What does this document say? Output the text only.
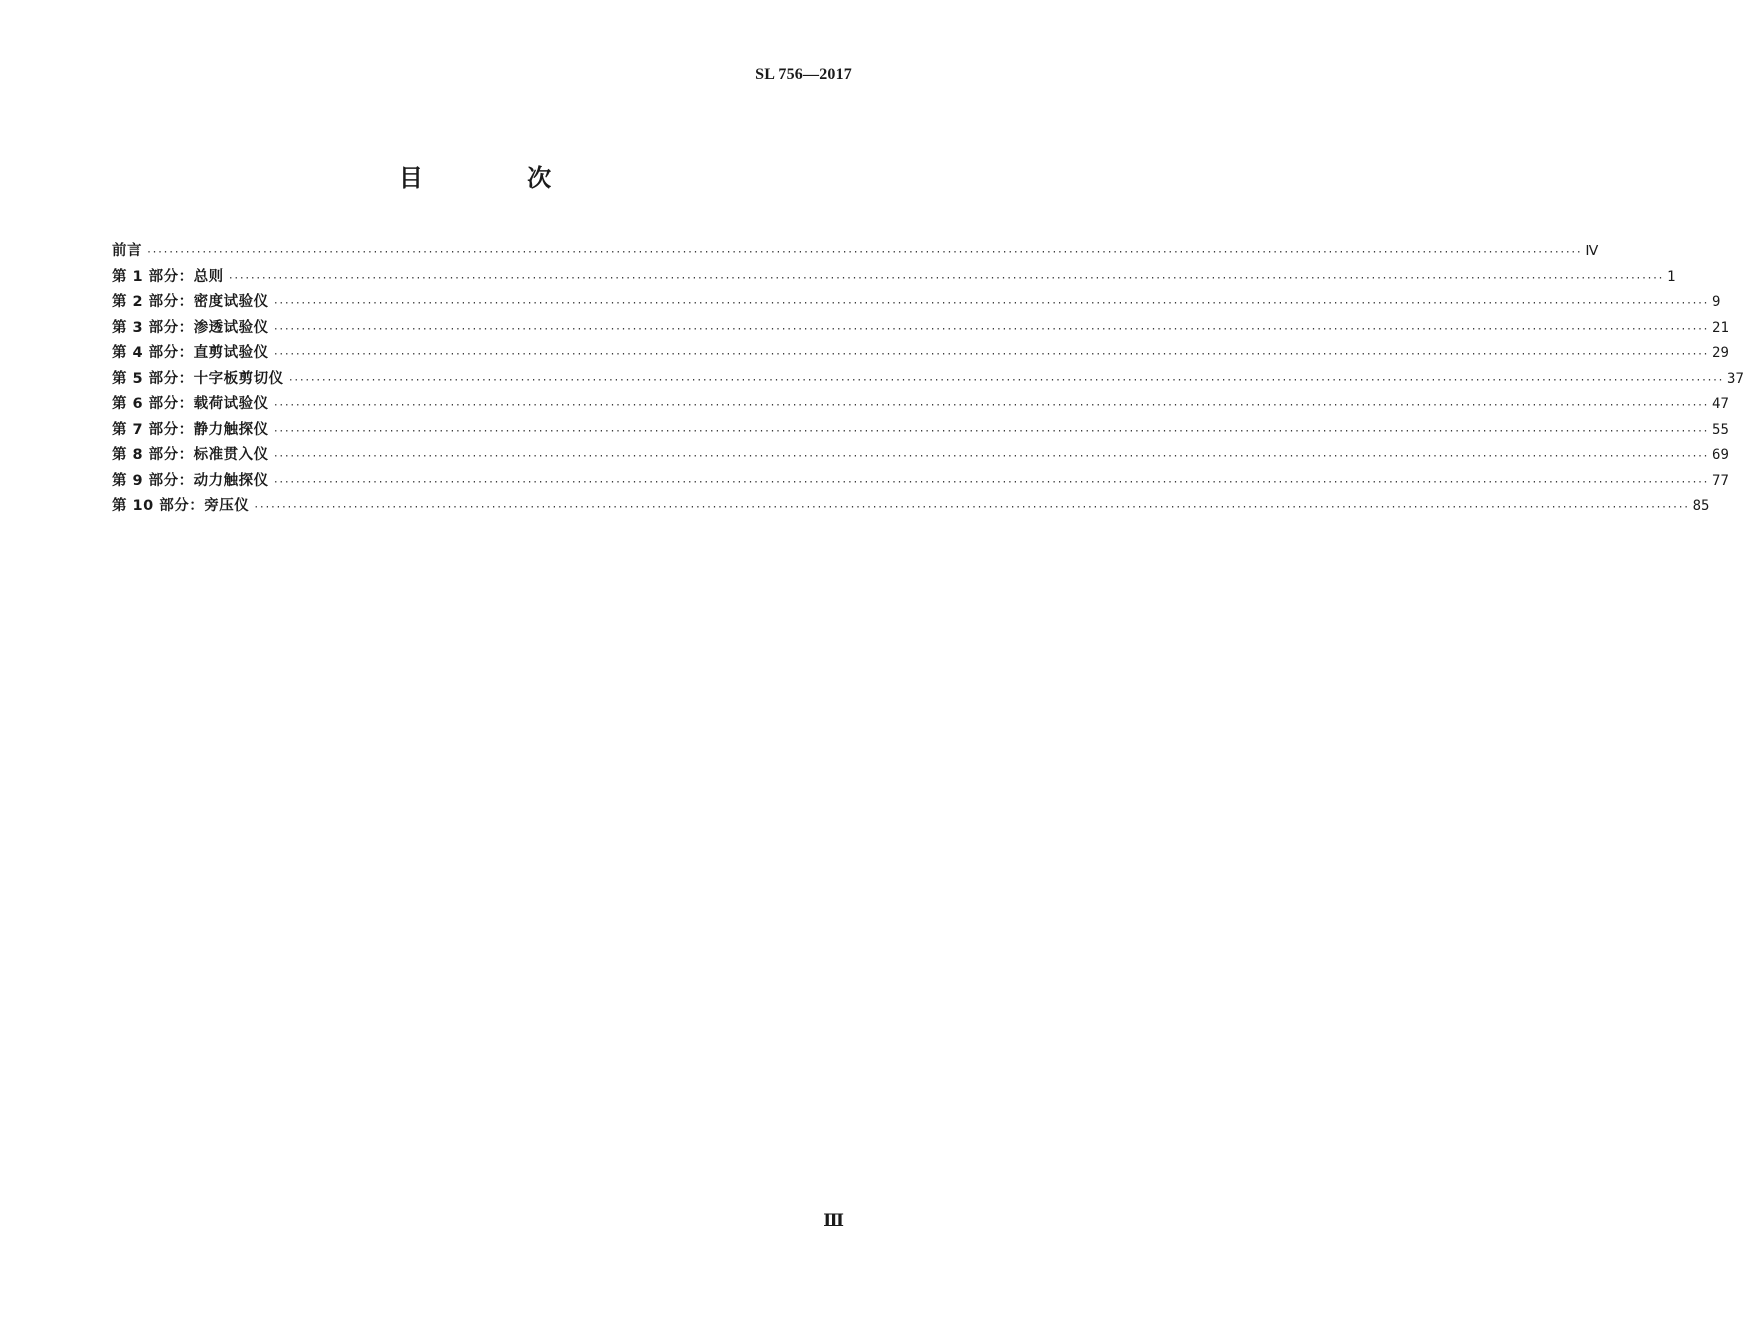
SL 756—2017
目 次
前言 ···································································································································································································································································· Ⅳ
第 1 部分：总则 ···································································································································································································································································· 1
第 2 部分：密度试验仪 ···································································································································································································································································· 9
第 3 部分：渗透试验仪 ···································································································································································································································································· 21
第 4 部分：直剪试验仪 ···································································································································································································································································· 29
第 5 部分：十字板剪切仪 ···································································································································································································································································· 37
第 6 部分：载荷试验仪 ···································································································································································································································································· 47
第 7 部分：静力触探仪 ···································································································································································································································································· 55
第 8 部分：标准贯入仪 ···································································································································································································································································· 69
第 9 部分：动力触探仪 ···································································································································································································································································· 77
第 10 部分：旁压仪 ···································································································································································································································································· 85
Ⅲ
